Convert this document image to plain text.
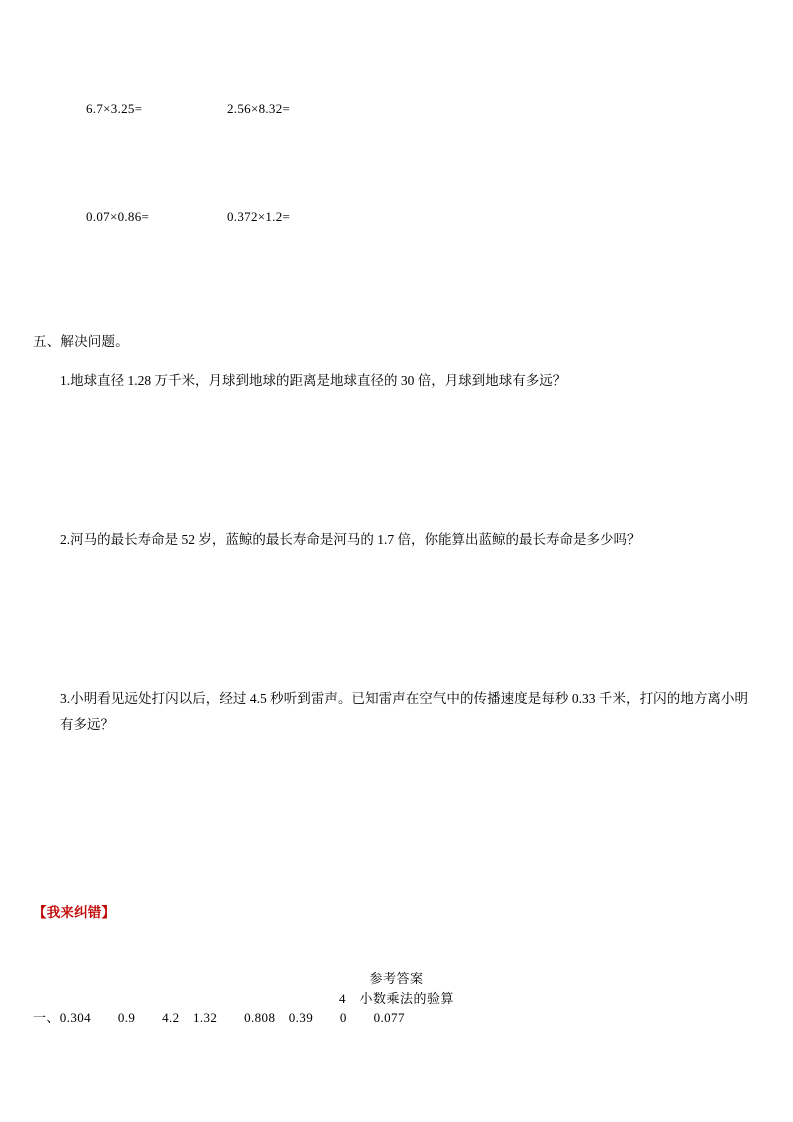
6.7×3.25=	2.56×8.32=
0.07×0.86=	0.372×1.2=
五、解决问题。
1.地球直径 1.28 万千米，月球到地球的距离是地球直径的 30 倍，月球到地球有多远？
2.河马的最长寿命是 52 岁，蓝鲸的最长寿命是河马的 1.7 倍，你能算出蓝鲸的最长寿命是多少吗？
3.小明看见远处打闪以后，经过 4.5 秒听到雷声。已知雷声在空气中的传播速度是每秒 0.33 千米，打闪的地方离小明有多远？
【我来纠错】
参考答案
4　小数乘法的验算
一、0.304　　0.9　　4.2　1.32　　0.808　0.39　　0　　0.077
